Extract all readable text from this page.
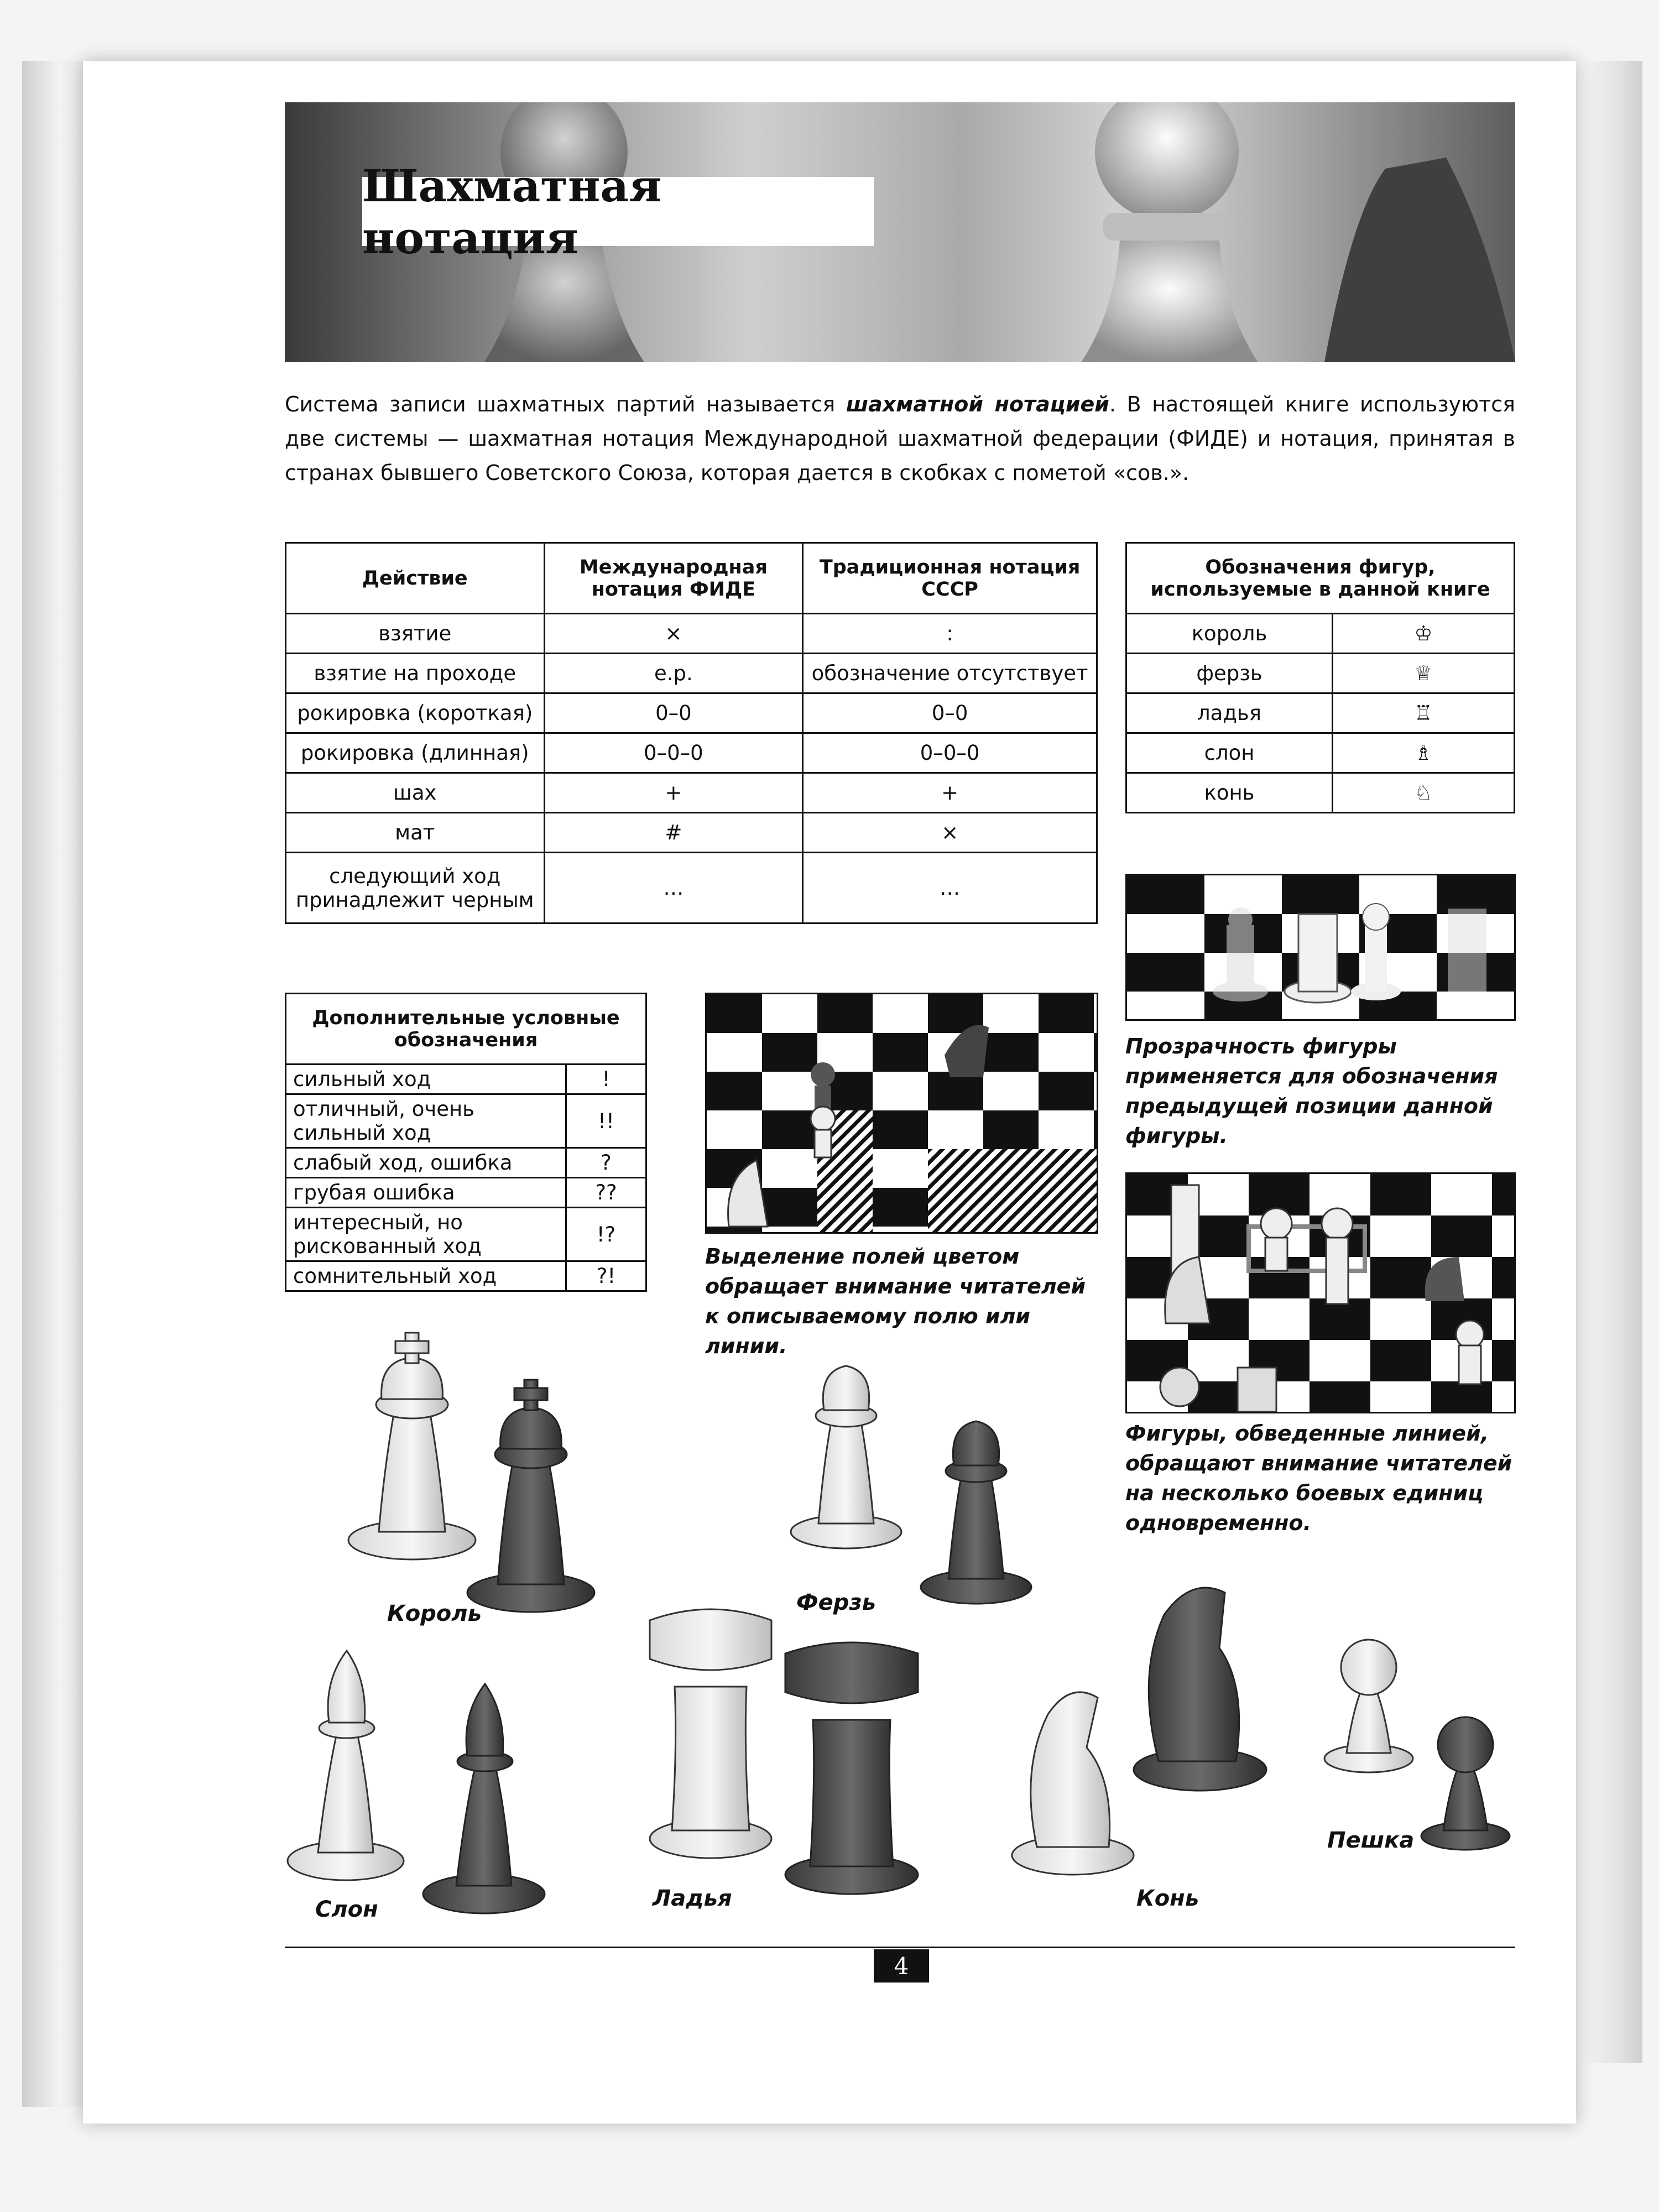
Шахматная нотация
Система записи шахматных партий называется шахматной нотацией. В настоящей книге используются две системы — шахматная нотация Международной шахматной федерации (ФИДЕ) и нотация, принятая в странах бывшего Советского Союза, которая дается в скобках с пометой «сов.».
Действие	Международная нотация ФИДЕ	Традиционная нотация СССР
взятие	×	:
взятие на проходе	e.p.	обозначение отсутствует
рокировка (короткая)	0–0	0–0
рокировка (длинная)	0–0–0	0–0–0
шах	+	+
мат	#	×
следующий ход принадлежит черным	…	…
Обозначения фигур, используемые в данной книге	
король	♔
ферзь	♕
ладья	♖
слон	♗
конь	♘
Дополнительные условные обозначения	
сильный ход	!
отличный, очень сильный ход	!!
слабый ход, ошибка	?
грубая ошибка	??
интересный, но рискованный ход	!?
сомнительный ход	?!
Прозрачность фигуры применяется для обозначения предыдущей позиции данной фигуры.
Выделение полей цветом обращает внимание читателей к описываемому полю или линии.
Фигуры, обведенные линией, обращают внимание читателей на несколько боевых единиц одновременно.
Король	Ферзь
Слон	Ладья	Конь
Пешка
4
